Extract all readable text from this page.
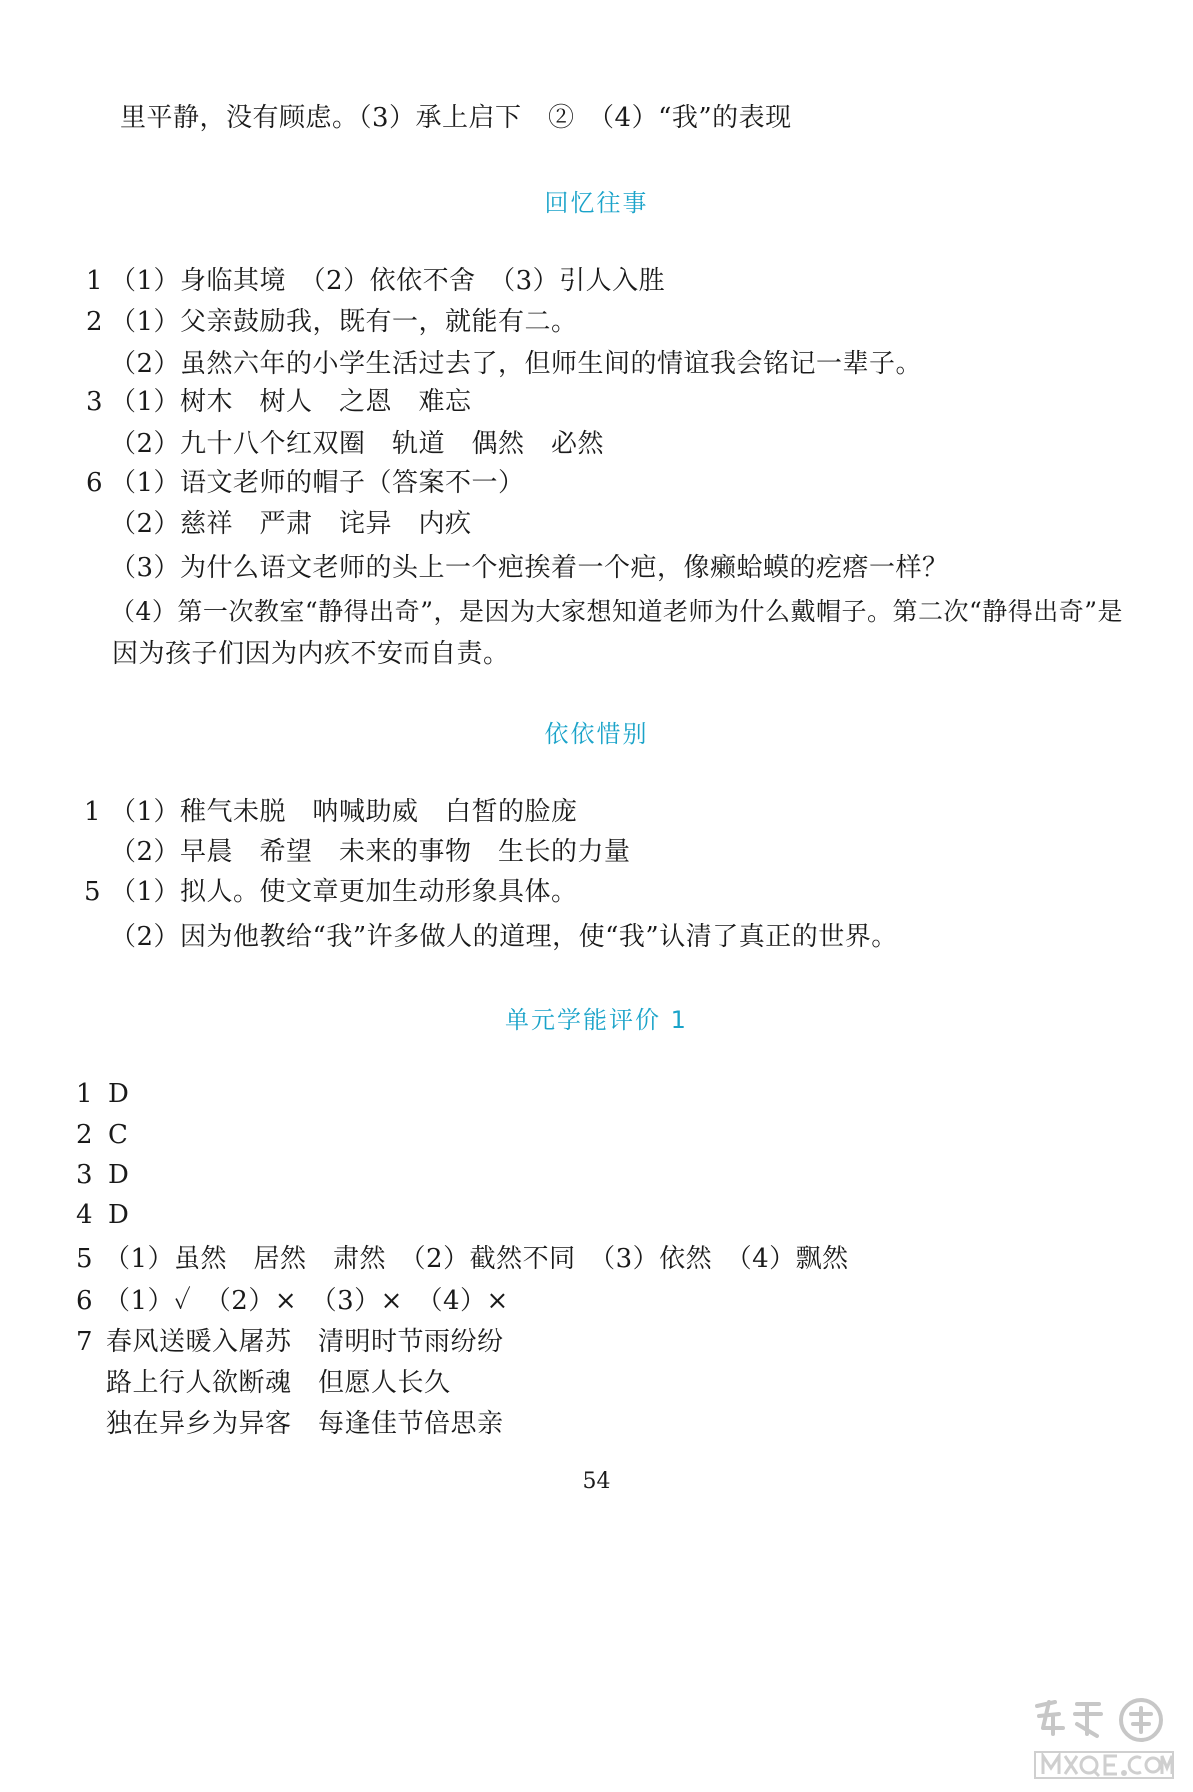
里平静，没有顾虑。（3）承上启下　②　（4）“我”的表现
回忆往事
1 （1）身临其境　（2）依依不舍　（3）引人入胜
2 （1）父亲鼓励我，既有一，就能有二。
（2）虽然六年的小学生活过去了，但师生间的情谊我会铭记一辈子。
3 （1）树木　树人　之恩　难忘
（2）九十八个红双圈　轨道　偶然　必然
6 （1）语文老师的帽子（答案不一）
（2）慈祥　严肃　诧异　内疚
（3）为什么语文老师的头上一个疤挨着一个疤，像癞蛤蟆的疙瘩一样？
（4）第一次教室“静得出奇”，是因为大家想知道老师为什么戴帽子。第二次“静得出奇”是
因为孩子们因为内疚不安而自责。
依依惜别
1 （1）稚气未脱　呐喊助威　白皙的脸庞
（2）早晨　希望　未来的事物　生长的力量
5 （1）拟人。使文章更加生动形象具体。
（2）因为他教给“我”许多做人的道理，使“我”认清了真正的世界。
单元学能评价 1
1 D
2 C
3 D
4 D
5 （1）虽然　居然　肃然　（2）截然不同　（3）依然　（4）飘然
6 （1）✓　（2）×　（3）×　（4）×
7 春风送暖入屠苏　清明时节雨纷纷
路上行人欲断魂　但愿人长久
独在异乡为异客　每逢佳节倍思亲
54
